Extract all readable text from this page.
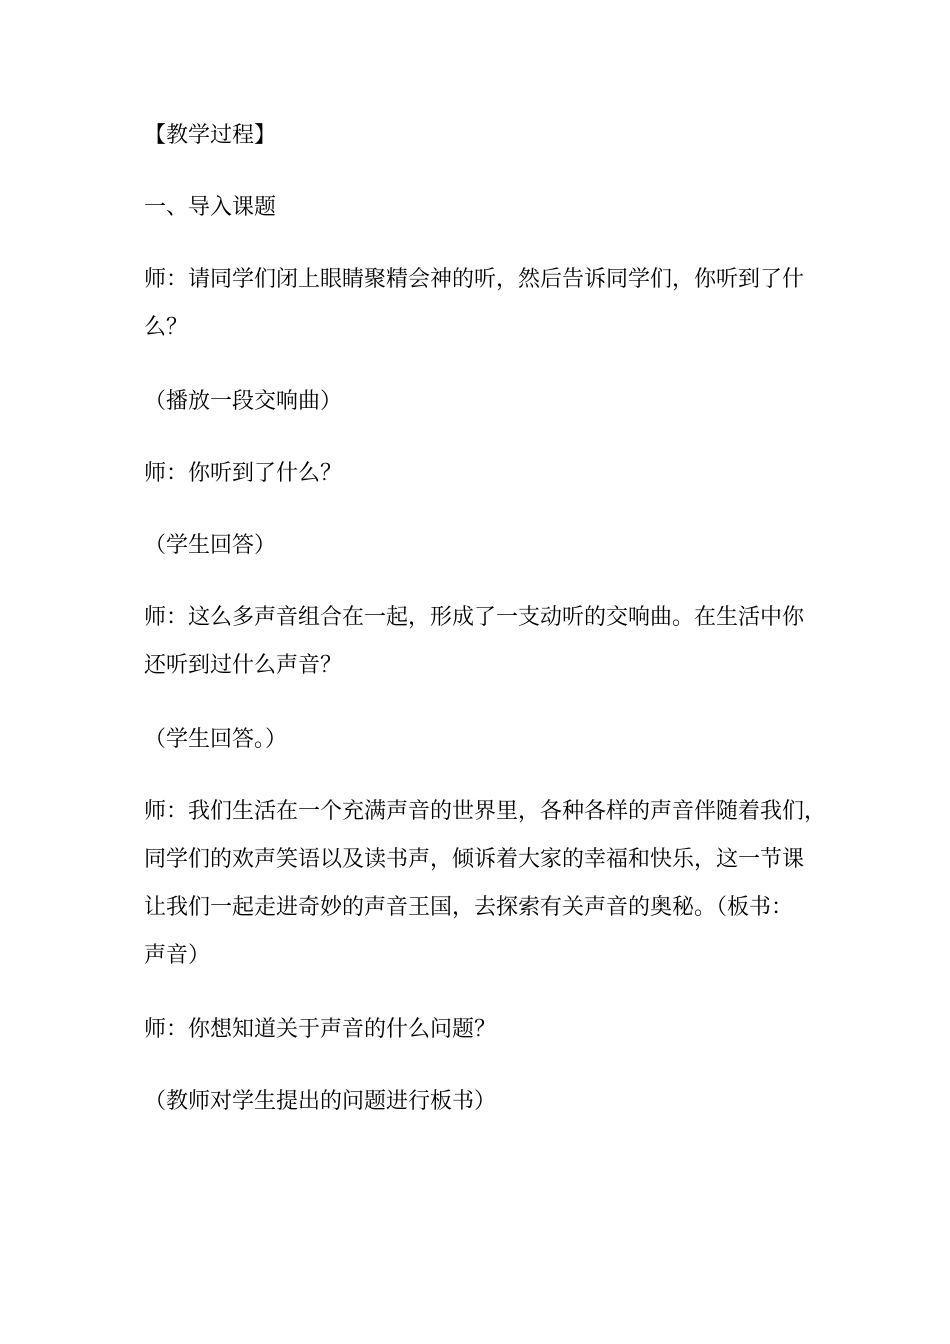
【教学过程】

一、导入课题

师：请同学们闭上眼睛聚精会神的听，然后告诉同学们，你听到了什
么？

（播放一段交响曲）

师：你听到了什么？

（学生回答）

师：这么多声音组合在一起，形成了一支动听的交响曲。在生活中你
还听到过什么声音？

（学生回答。）

师：我们生活在一个充满声音的世界里，各种各样的声音伴随着我们，
同学们的欢声笑语以及读书声，倾诉着大家的幸福和快乐，这一节课
让我们一起走进奇妙的声音王国，去探索有关声音的奥秘。（板书：
声音）

师：你想知道关于声音的什么问题？

（教师对学生提出的问题进行板书）
